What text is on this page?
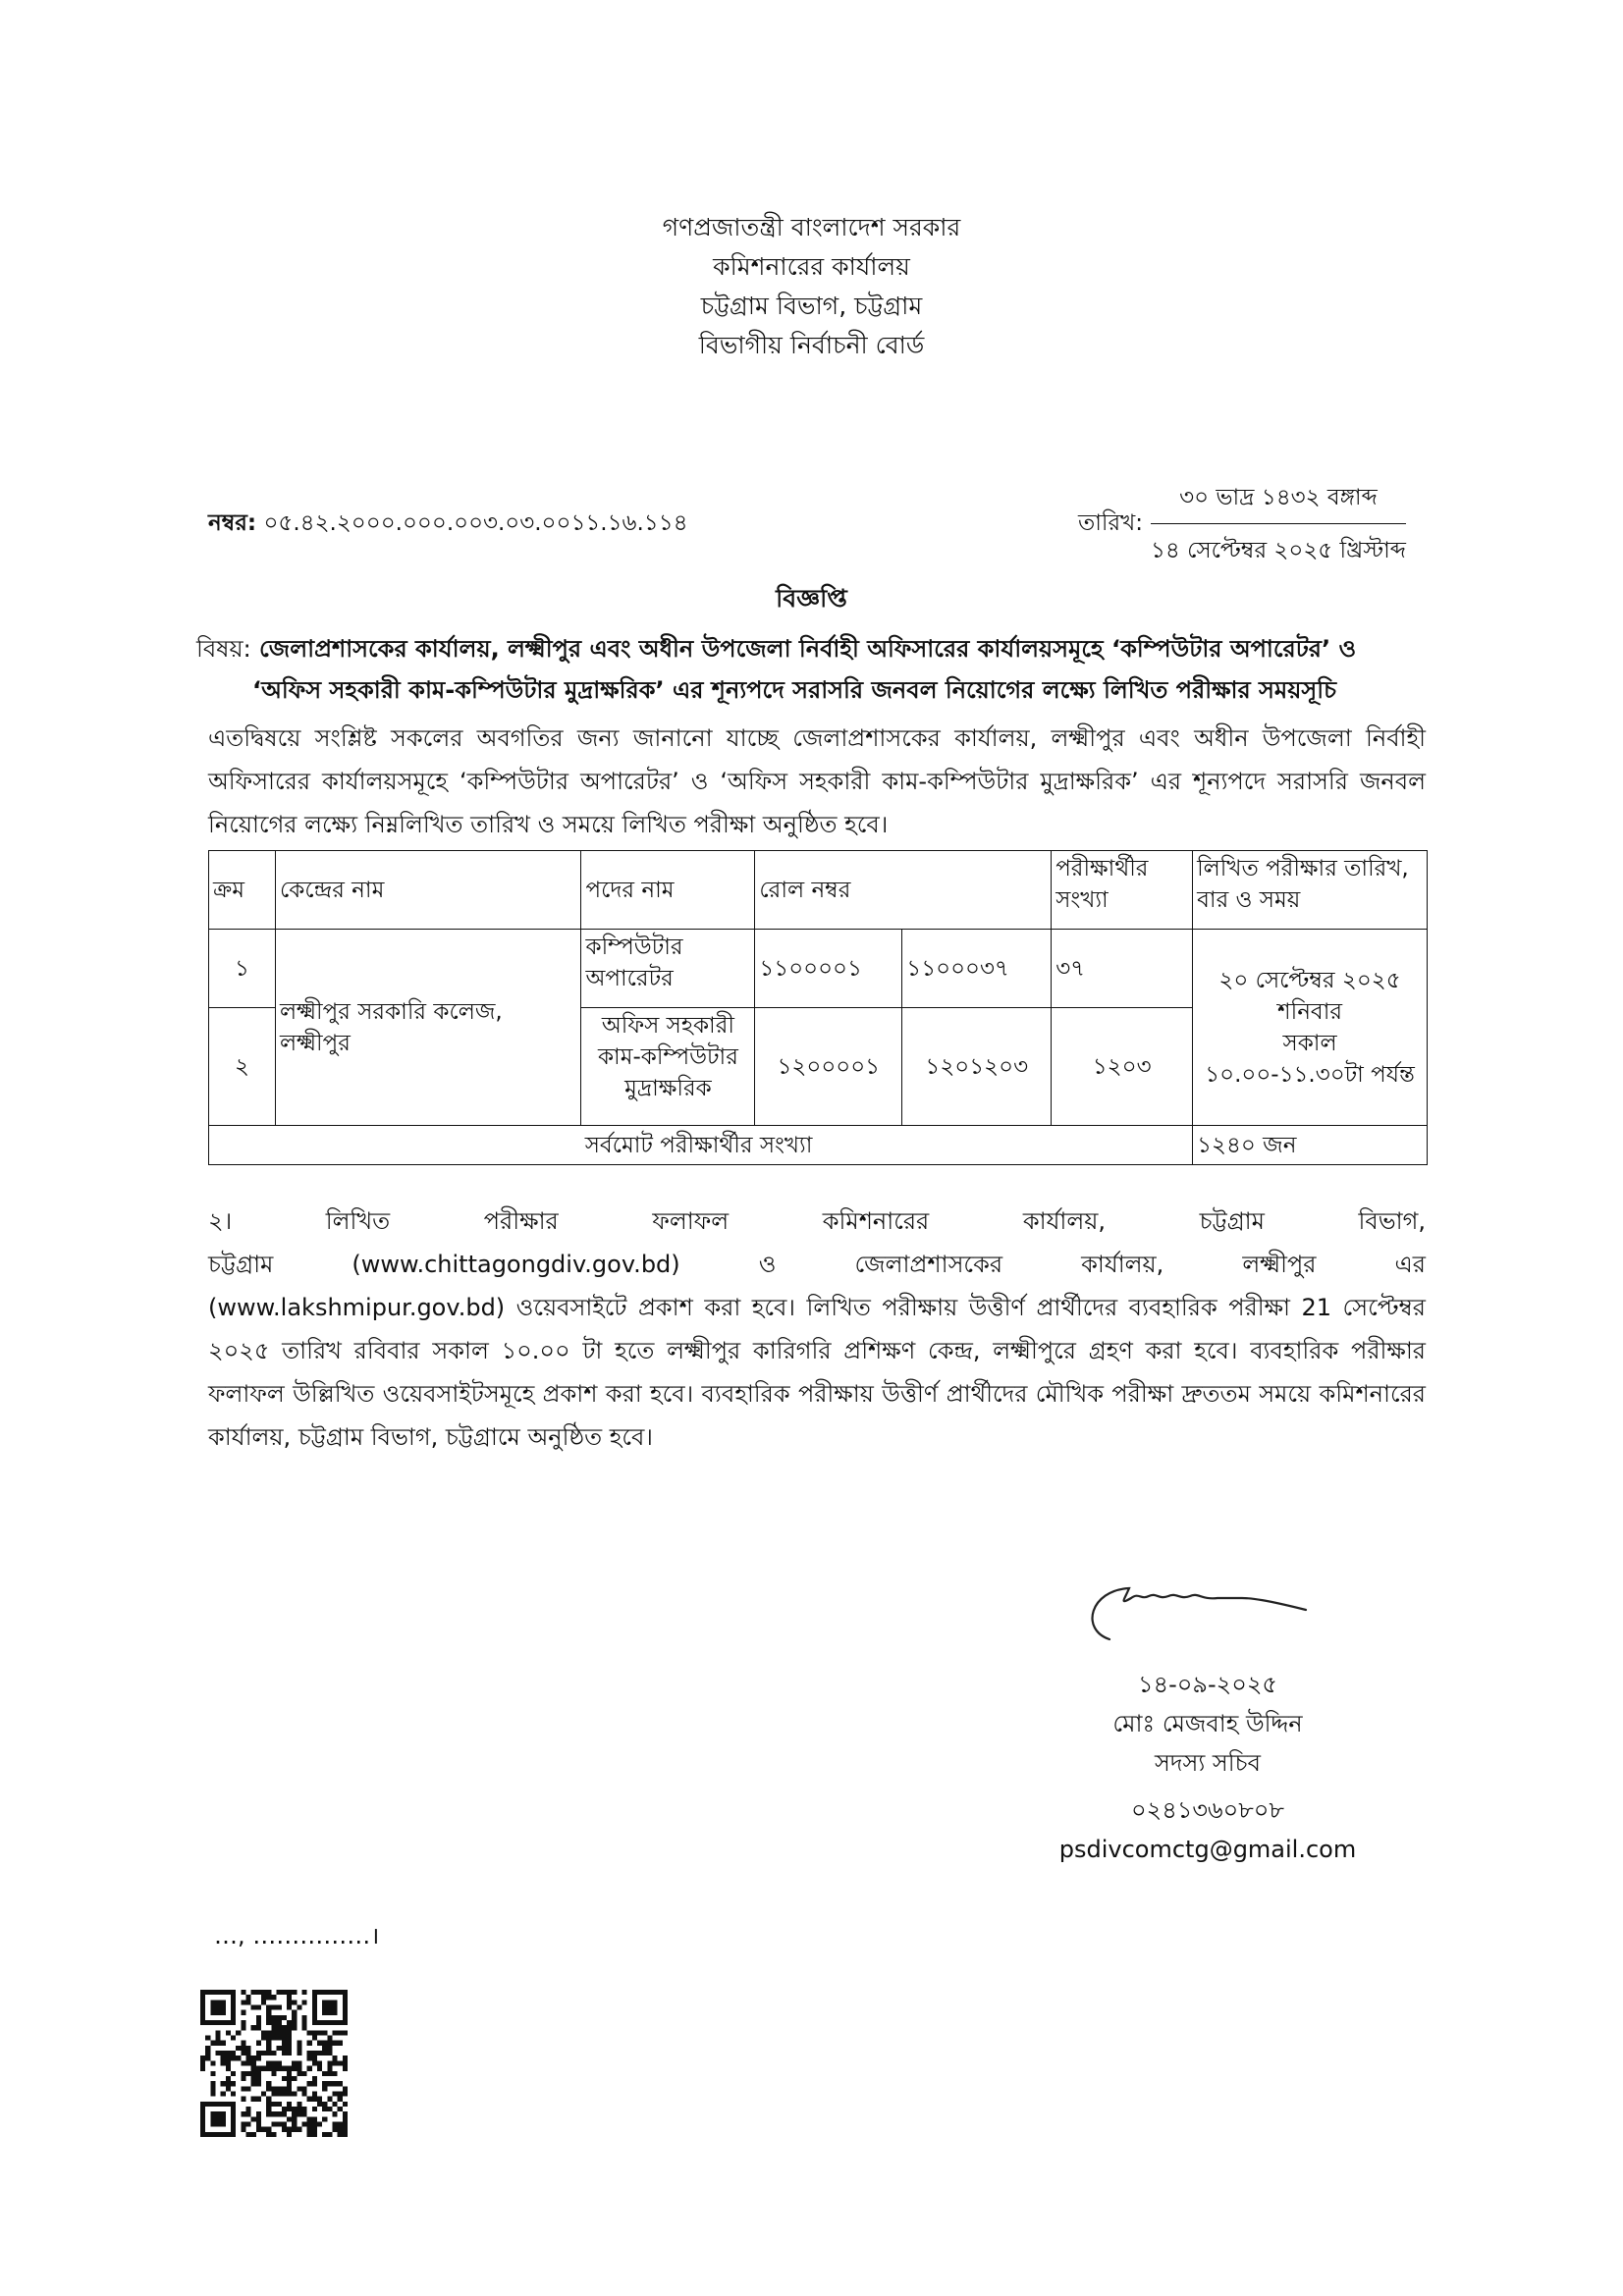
গণপ্রজাতন্ত্রী বাংলাদেশ সরকার
কমিশনারের কার্যালয়
চট্টগ্রাম বিভাগ, চট্টগ্রাম
বিভাগীয় নির্বাচনী বোর্ড
নম্বর: ০৫.৪২.২০০০.০০০.০০৩.০৩.০০১১.১৬.১১৪	তারিখ:
৩০ ভাদ্র ১৪৩২ বঙ্গাব্দ
১৪ সেপ্টেম্বর ২০২৫ খ্রিস্টাব্দ
বিজ্ঞপ্তি
বিষয়: জেলাপ্রশাসকের কার্যালয়, লক্ষ্মীপুর এবং অধীন উপজেলা নির্বাহী অফিসারের কার্যালয়সমূহে ‘কম্পিউটার অপারেটর’ ও
‘অফিস সহকারী কাম-কম্পিউটার মুদ্রাক্ষরিক’ এর শূন্যপদে সরাসরি জনবল নিয়োগের লক্ষ্যে লিখিত পরীক্ষার সময়সূচি
এতদ্বিষয়ে সংশ্লিষ্ট সকলের অবগতির জন্য জানানো যাচ্ছে জেলাপ্রশাসকের কার্যালয়, লক্ষ্মীপুর এবং অধীন উপজেলা নির্বাহী অফিসারের কার্যালয়সমূহে ‘কম্পিউটার অপারেটর’ ও ‘অফিস সহকারী কাম-কম্পিউটার মুদ্রাক্ষরিক’ এর শূন্যপদে সরাসরি জনবল নিয়োগের লক্ষ্যে নিম্নলিখিত তারিখ ও সময়ে লিখিত পরীক্ষা অনুষ্ঠিত হবে।
ক্রম	কেন্দ্রের নাম	পদের নাম	রোল নম্বর		পরীক্ষার্থীর সংখ্যা	লিখিত পরীক্ষার তারিখ, বার ও সময়
১	লক্ষ্মীপুর সরকারি কলেজ, লক্ষ্মীপুর	কম্পিউটার অপারেটর	১১০০০০১	১১০০০৩৭	৩৭	২০ সেপ্টেম্বর ২০২৫
শনিবার
সকাল
১০.০০-১১.৩০টা পর্যন্ত

২		অফিস সহকারী কাম-কম্পিউটার মুদ্রাক্ষরিক	১২০০০০১	১২০১২০৩	১২০৩	
সর্বমোট পরীক্ষার্থীর সংখ্যা						১২৪০ জন
২। লিখিত পরীক্ষার ফলাফল কমিশনারের কার্যালয়, চট্টগ্রাম বিভাগ,
চট্টগ্রাম (www.chittagongdiv.gov.bd) ও জেলাপ্রশাসকের কার্যালয়, লক্ষ্মীপুর এর
(www.lakshmipur.gov.bd) ওয়েবসাইটে প্রকাশ করা হবে। লিখিত পরীক্ষায় উত্তীর্ণ প্রার্থীদের ব্যবহারিক পরীক্ষা 21 সেপ্টেম্বর ২০২৫ তারিখ রবিবার সকাল ১০.০০ টা হতে লক্ষ্মীপুর কারিগরি প্রশিক্ষণ কেন্দ্র, লক্ষ্মীপুরে গ্রহণ করা হবে। ব্যবহারিক পরীক্ষার ফলাফল উল্লিখিত ওয়েবসাইটসমূহে প্রকাশ করা হবে। ব্যবহারিক পরীক্ষায় উত্তীর্ণ প্রার্থীদের মৌখিক পরীক্ষা দ্রুততম সময়ে কমিশনারের কার্যালয়, চট্টগ্রাম বিভাগ, চট্টগ্রামে অনুষ্ঠিত হবে।
১৪-০৯-২০২৫
মোঃ মেজবাহ উদ্দিন
সদস্য সচিব
০২৪১৩৬০৮০৮
psdivcomctg@gmail.com
…, ……………।
